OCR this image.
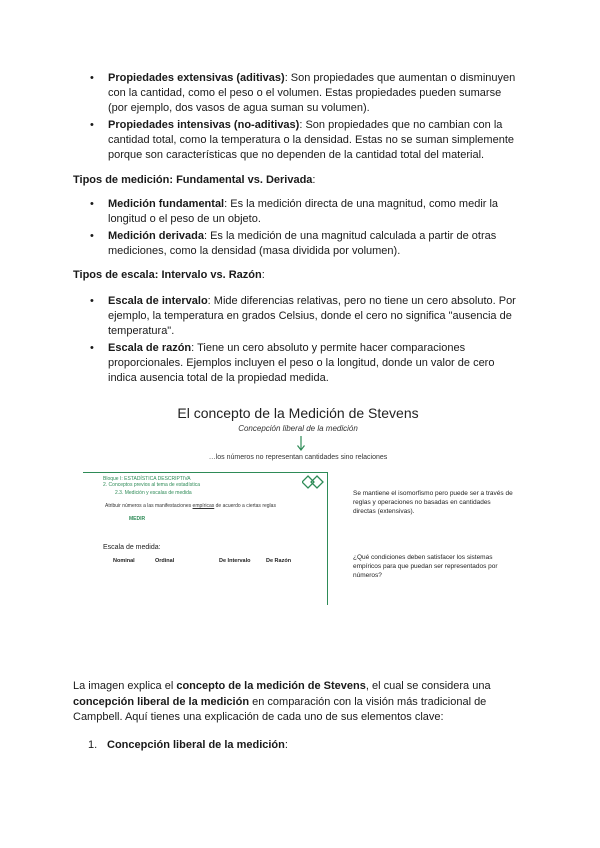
• Propiedades extensivas (aditivas): Son propiedades que aumentan o disminuyen con la cantidad, como el peso o el volumen. Estas propiedades pueden sumarse (por ejemplo, dos vasos de agua suman su volumen).
• Propiedades intensivas (no-aditivas): Son propiedades que no cambian con la cantidad total, como la temperatura o la densidad. Estas no se suman simplemente porque son características que no dependen de la cantidad total del material.
Tipos de medición: Fundamental vs. Derivada:
• Medición fundamental: Es la medición directa de una magnitud, como medir la longitud o el peso de un objeto.
• Medición derivada: Es la medición de una magnitud calculada a partir de otras mediciones, como la densidad (masa dividida por volumen).
Tipos de escala: Intervalo vs. Razón:
• Escala de intervalo: Mide diferencias relativas, pero no tiene un cero absoluto. Por ejemplo, la temperatura en grados Celsius, donde el cero no significa "ausencia de temperatura".
• Escala de razón: Tiene un cero absoluto y permite hacer comparaciones proporcionales. Ejemplos incluyen el peso o la longitud, donde un valor de cero indica ausencia total de la propiedad medida.
El concepto de la Medición de Stevens
Concepción liberal de la medición
…los números no representan cantidades sino relaciones
Bloque I: ESTADÍSTICA DESCRIPTIVA
2. Conceptos previos al tema de estadística
2.3. Medición y escalas de medida
Atribuir números a las manifestaciones empíricas de acuerdo a ciertas reglas
MEDIR
Escala de medida:
Nominal	Ordinal	De Intervalo	De Razón
Se mantiene el isomorfismo pero puede ser a través de reglas y operaciones no basadas en cantidades directas (extensivas).
¿Qué condiciones deben satisfacer los sistemas empíricos para que puedan ser representados por números?
La imagen explica el concepto de la medición de Stevens, el cual se considera una concepción liberal de la medición en comparación con la visión más tradicional de Campbell. Aquí tienes una explicación de cada uno de sus elementos clave:
1. Concepción liberal de la medición:
